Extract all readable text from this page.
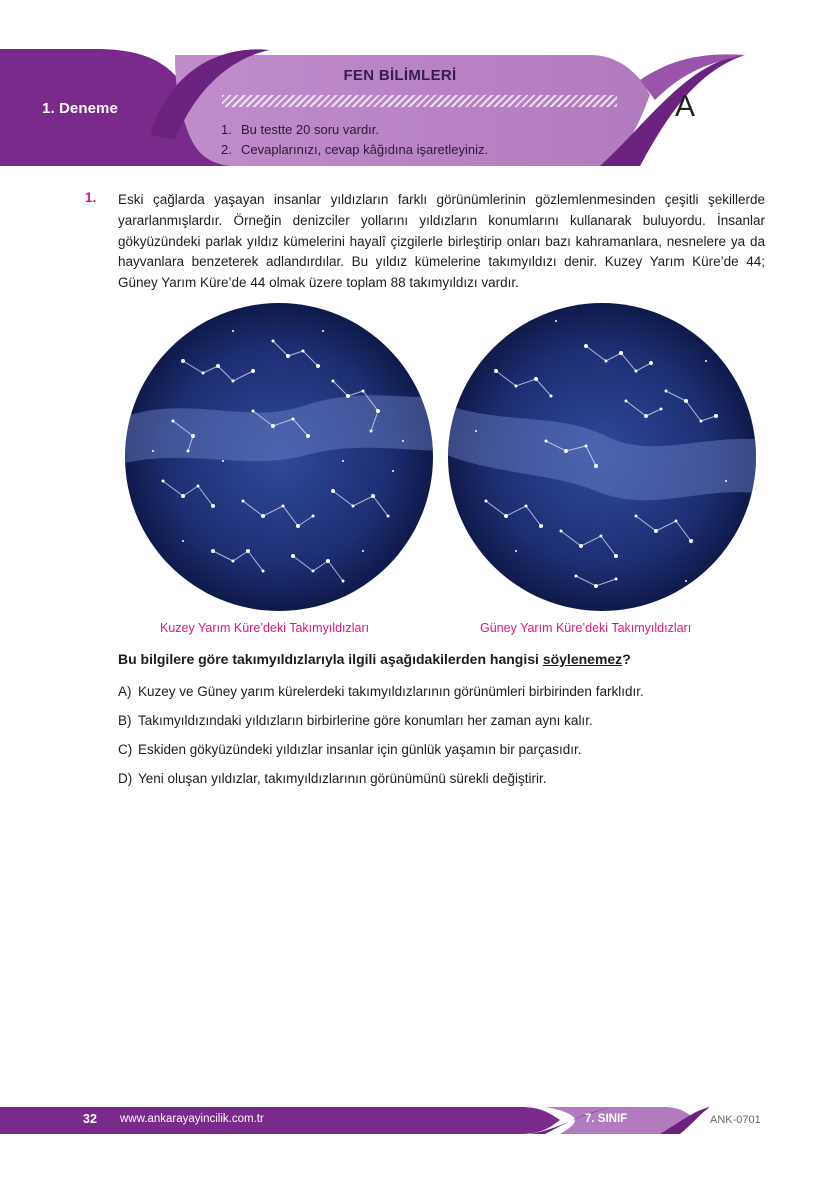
1. Deneme
FEN BİLİMLERİ
1. Bu testte 20 soru vardır.
2. Cevaplarınızı, cevap kâğıdına işaretleyiniz.
A
1. Eski çağlarda yaşayan insanlar yıldızların farklı görünümlerinin gözlemlenmesinden çeşitli şekillerde yararlanmışlardır. Örneğin denizciler yollarını yıldızların konumlarını kullanarak buluyordu. İnsanlar gökyüzündeki parlak yıldız kümelerini hayalî çizgilerle birleştirip onları bazı kahramanlara, nesnelere ya da hayvanlara benzeterek adlandırdılar. Bu yıldız kümelerine takımyıldızı denir. Kuzey Yarım Küre’de 44; Güney Yarım Küre’de 44 olmak üzere toplam 88 takımyıldızı vardır.

Kuzey Yarım Küre’deki Takımyıldızları	Güney Yarım Küre’deki Takımyıldızları

Bu bilgilere göre takımyıldızlarıyla ilgili aşağıdakilerden hangisi söylenemez?

A) Kuzey ve Güney yarım kürelerdeki takımyıldızlarının görünümleri birbirinden farklıdır.
B) Takımyıldızındaki yıldızların birbirlerine göre konumları her zaman aynı kalır.
C) Eskiden gökyüzündeki yıldızlar insanlar için günlük yaşamın bir parçasıdır.
D) Yeni oluşan yıldızlar, takımyıldızlarının görünümünü sürekli değiştirir.
32 www.ankarayayincilik.com.tr	7. SINIF	ANK-0701
